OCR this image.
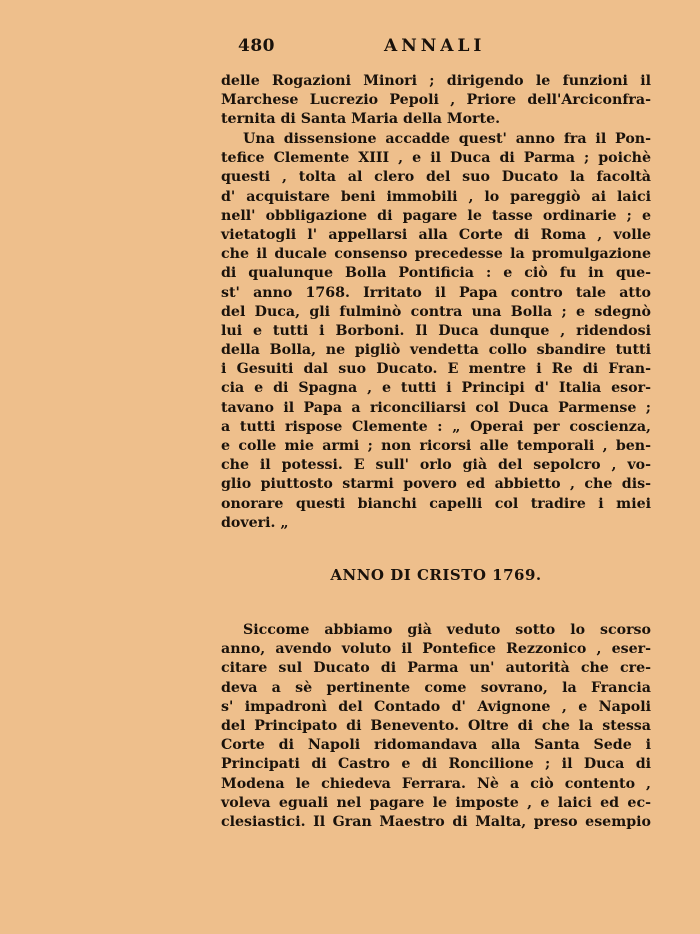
480	ANNALI
delle Rogazioni Minori ; dirigendo le funzioni il
Marchese Lucrezio Pepoli , Priore dell'Arciconfra-
ternita di Santa Maria della Morte.
Una dissensione accadde quest' anno fra il Pon-
tefice Clemente XIII , e il Duca di Parma ; poichè
questi , tolta al clero del suo Ducato la facoltà
d' acquistare beni immobili , lo pareggiò ai laici
nell' obbligazione di pagare le tasse ordinarie ; e
vietatogli l' appellarsi alla Corte di Roma , volle
che il ducale consenso precedesse la promulgazione
di qualunque Bolla Pontificia : e ciò fu in que-
st' anno 1768. Irritato il Papa contro tale atto
del Duca, gli fulminò contra una Bolla ; e sdegnò
lui e tutti i Borboni. Il Duca dunque , ridendosi
della Bolla, ne pigliò vendetta collo sbandire tutti
i Gesuiti dal suo Ducato. E mentre i Re di Fran-
cia e di Spagna , e tutti i Principi d' Italia esor-
tavano il Papa a riconciliarsi col Duca Parmense ;
a tutti rispose Clemente : „ Operai per coscienza,
e colle mie armi ; non ricorsi alle temporali , ben-
che il potessi. E sull' orlo già del sepolcro , vo-
glio piuttosto starmi povero ed abbietto , che dis-
onorare questi bianchi capelli col tradire i miei
doveri. „
ANNO DI CRISTO 1769.
Siccome abbiamo già veduto sotto lo scorso
anno, avendo voluto il Pontefice Rezzonico , eser-
citare sul Ducato di Parma un' autorità che cre-
deva a sè pertinente come sovrano, la Francia
s' impadronì del Contado d' Avignone , e Napoli
del Principato di Benevento. Oltre di che la stessa
Corte di Napoli ridomandava alla Santa Sede i
Principati di Castro e di Roncilione ; il Duca di
Modena le chiedeva Ferrara. Nè a ciò contento ,
voleva eguali nel pagare le imposte , e laici ed ec-
clesiastici. Il Gran Maestro di Malta, preso esempio
